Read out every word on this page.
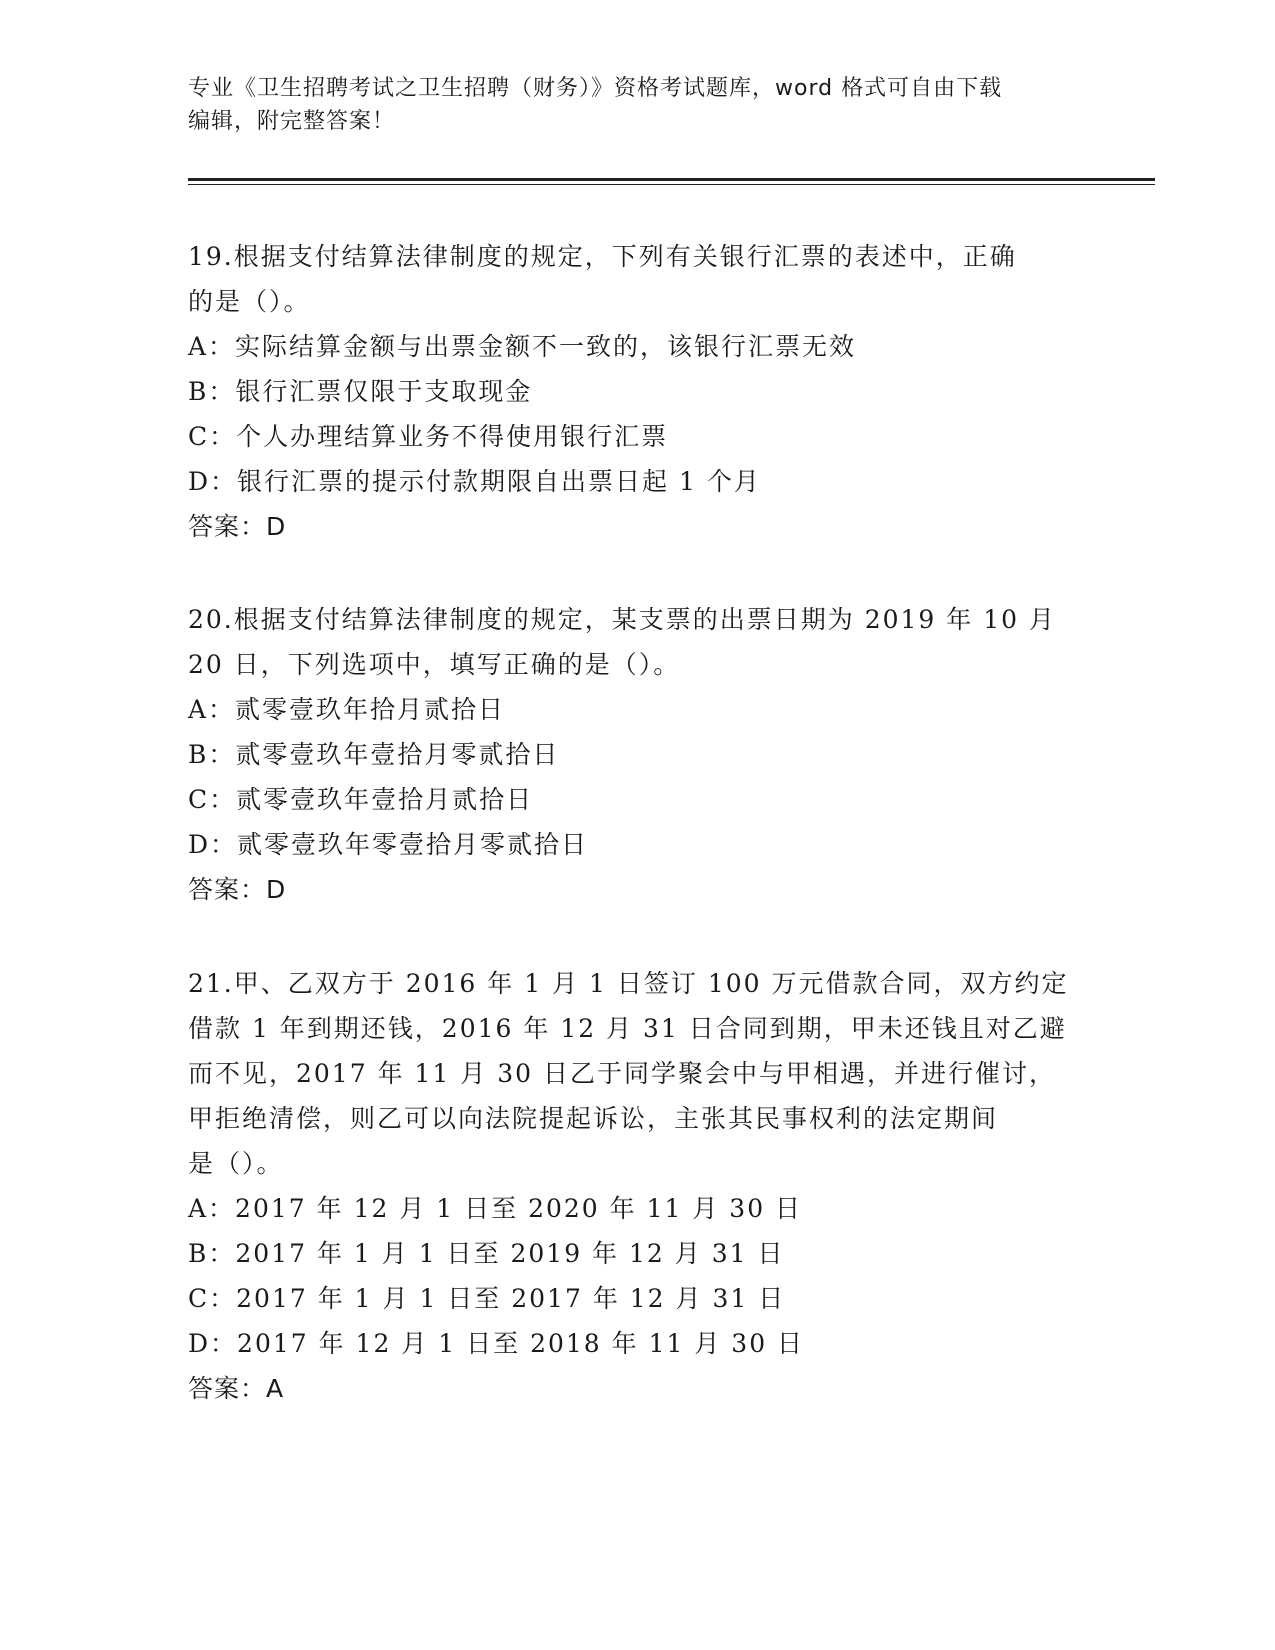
专业《卫生招聘考试之卫生招聘（财务）》资格考试题库，word 格式可自由下载
编辑，附完整答案！
19.根据支付结算法律制度的规定，下列有关银行汇票的表述中，正确
的是（）。
A：实际结算金额与出票金额不一致的，该银行汇票无效
B：银行汇票仅限于支取现金
C：个人办理结算业务不得使用银行汇票
D：银行汇票的提示付款期限自出票日起 1 个月
答案：D
20.根据支付结算法律制度的规定，某支票的出票日期为 2019 年 10 月
20 日，下列选项中，填写正确的是（）。
A：贰零壹玖年拾月贰拾日
B：贰零壹玖年壹拾月零贰拾日
C：贰零壹玖年壹拾月贰拾日
D：贰零壹玖年零壹拾月零贰拾日
答案：D
21.甲、乙双方于 2016 年 1 月 1 日签订 100 万元借款合同，双方约定
借款 1 年到期还钱，2016 年 12 月 31 日合同到期，甲未还钱且对乙避
而不见，2017 年 11 月 30 日乙于同学聚会中与甲相遇，并进行催讨，
甲拒绝清偿，则乙可以向法院提起诉讼，主张其民事权利的法定期间
是（）。
A：2017 年 12 月 1 日至 2020 年 11 月 30 日
B：2017 年 1 月 1 日至 2019 年 12 月 31 日
C：2017 年 1 月 1 日至 2017 年 12 月 31 日
D：2017 年 12 月 1 日至 2018 年 11 月 30 日
答案：A
